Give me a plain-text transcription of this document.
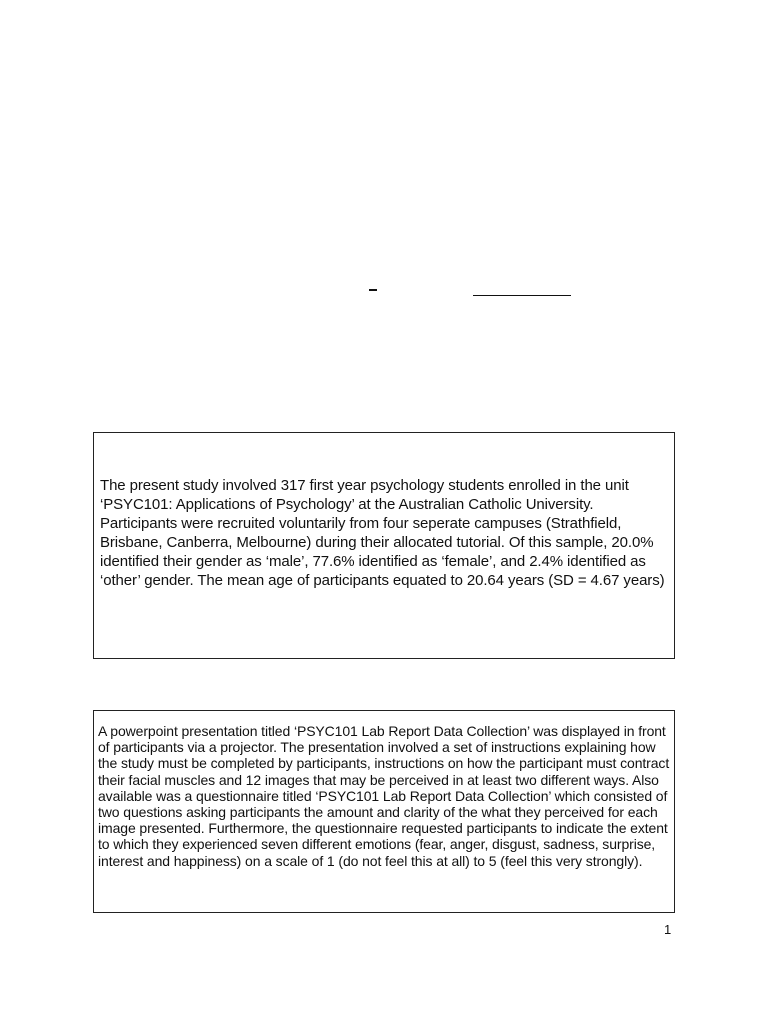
The present study involved 317 first year psychology students enrolled in the unit ‘PSYC101: Applications of Psychology’ at the Australian Catholic University. Participants were recruited voluntarily from four seperate campuses (Strathfield, Brisbane, Canberra, Melbourne) during their allocated tutorial. Of this sample, 20.0% identified their gender as ‘male’, 77.6% identified as ‘female’, and 2.4% identified as ‘other’ gender. The mean age of participants equated to 20.64 years (SD = 4.67 years)

A powerpoint presentation titled ‘PSYC101 Lab Report Data Collection’ was displayed in front of participants via a projector. The presentation involved a set of instructions explaining how the study must be completed by participants, instructions on how the participant must contract their facial muscles and 12 images that may be perceived in at least two different ways. Also available was a questionnaire titled ‘PSYC101 Lab Report Data Collection’ which consisted of two questions asking participants the amount and clarity of the what they perceived for each image presented. Furthermore, the questionnaire requested participants to indicate the extent to which they experienced seven different emotions (fear, anger, disgust, sadness, surprise, interest and happiness) on a scale of 1 (do not feel this at all) to 5 (feel this very strongly).

1
